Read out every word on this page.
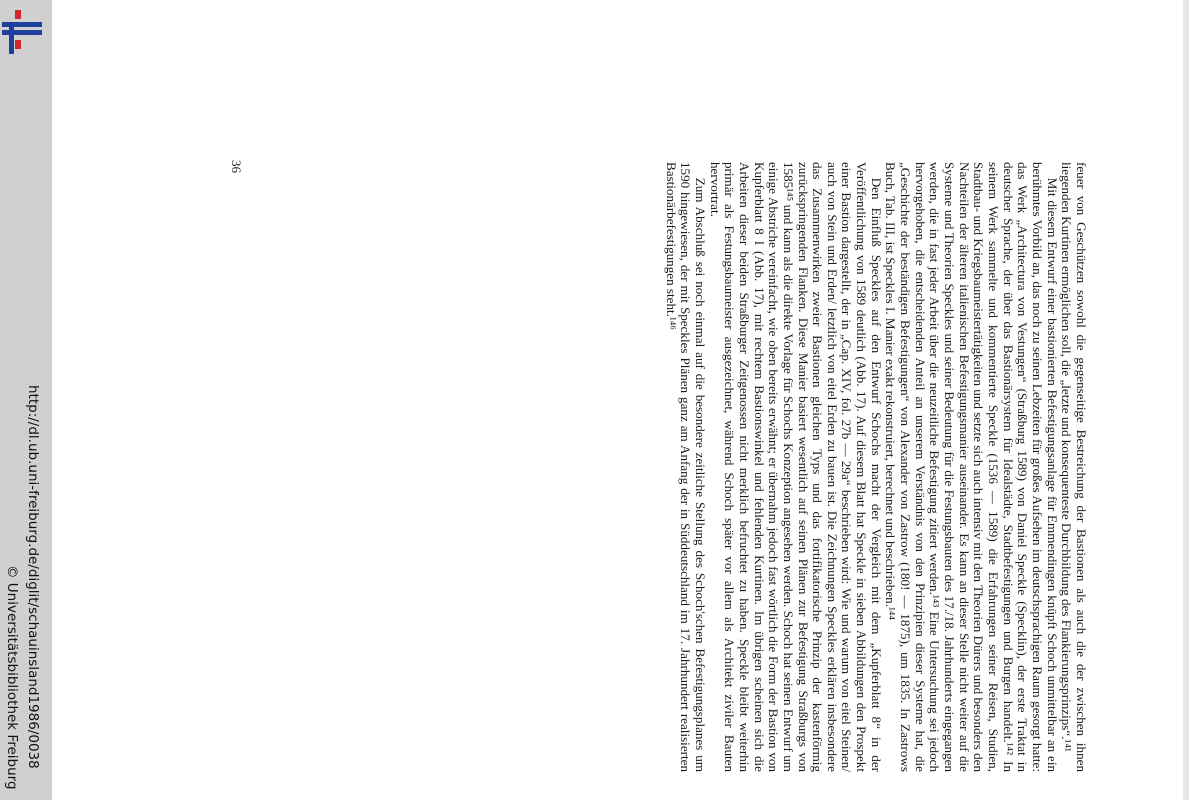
http://dl.ub.uni-freiburg.de/diglit/schauinsland1986/0038
© Universitätsbibliothek Freiburg
36	feuer von Geschützen sowohl die gegenseitige Bestreichung der Bastionen als auch die der zwischen ihnen liegenden Kurtinen ermöglichen soll, die „letzte und konsequenteste Durchbildung des Flankierungsprinzips“.¹⁴¹

Mit diesem Entwurf einer bastionierten Befestigungsanlage für Emmendingen knüpft Schoch unmittelbar an ein berühmtes Vorbild an, das noch zu seinen Lebzeiten für großes Aufsehen im deutschsprachigen Raum gesorgt hatte: das Werk „Architectura von Vestungen“ (Straßburg 1589) von Daniel Speckle (Specklin), der erste Traktat in deutscher Sprache, der über das Bastionärsystem für Idealstädte, Stadtbefestigungen und Burgen handelt.¹⁴² In seinem Werk sammelte und kommentierte Speckle (1536 — 1589) die Erfahrungen seiner Reisen, Studien, Stadtbau- und Kriegsbaumeistertätigkeiten und setzte sich auch intensiv mit den Theorien Dürers und besonders den Nachteilen der älteren italienischen Befestigungsmanier auseinander. Es kann an dieser Stelle nicht weiter auf die Systeme und Theorien Speckles und seiner Bedeutung für die Festungsbauten des 17./18. Jahrhunderts eingegangen werden, die in fast jeder Arbeit über die neuzeitliche Befestigung zitiert werden.¹⁴³ Eine Untersuchung sei jedoch hervorgehoben, die entscheidenden Anteil an unserem Verständnis von den Prinzipien dieser Systeme hat, die „Geschichte der beständigen Befestigungen“ von Alexander von Zastrow (180! — 1875), um 1835. In Zastrows Buch, Tab. III, ist Speckles I. Manier exakt rekonstruiert, berechnet und beschrieben.¹⁴⁴

Den Einfluß Speckles auf den Entwurf Schochs macht der Vergleich mit dem „Kupferblatt 8“ in der Veröffentlichung von 1589 deutlich (Abb. 17). Auf diesem Blatt hat Speckle in sieben Abbildungen den Prospekt einer Bastion dargestellt, der in „Cap. XIV, fol. 27b — 29a“ beschrieben wird: Wie und warum von eitel Steinen/ auch von Stein und Erden/ letztlich von eitel Erden zu bauen ist. Die Zeichnungen Speckles erklären insbesondere das Zusammenwirken zweier Bastionen gleichen Typs und das fortifikatorische Prinzip der kastenförmig zurückspringenden Flanken. Diese Manier basiert wesentlich auf seinen Plänen zur Befestigung Straßburgs von 1585¹⁴⁵ und kann als die direkte Vorlage für Schochs Konzeption angesehen werden. Schoch hat seinen Entwurf um einige Abstriche vereinfacht, wie oben bereits erwähnt; er übernahm jedoch fast wörtlich die Form der Bastion von Kupferblatt 8 I (Abb. 17), mit rechtem Bastionswinkel und fehlenden Kurtinen. Im übrigen scheinen sich die Arbeiten dieser beiden Straßburger Zeitgenossen nicht merklich befruchtet zu haben. Speckle bleibt weiterhin primär als Festungsbaumeister ausgezeichnet, während Schoch später vor allem als Architekt ziviler Bauten hervortrat.

Zum Abschluß sei noch einmal auf die besondere zeitliche Stellung des Schoch'schen Befestigungsplanes um 1590 hingewiesen, der mit Speckles Plänen ganz am Anfang der in Süddeutschland im 17. Jahrhundert realisierten Bastionärbefestigungen steht.¹⁴⁶
